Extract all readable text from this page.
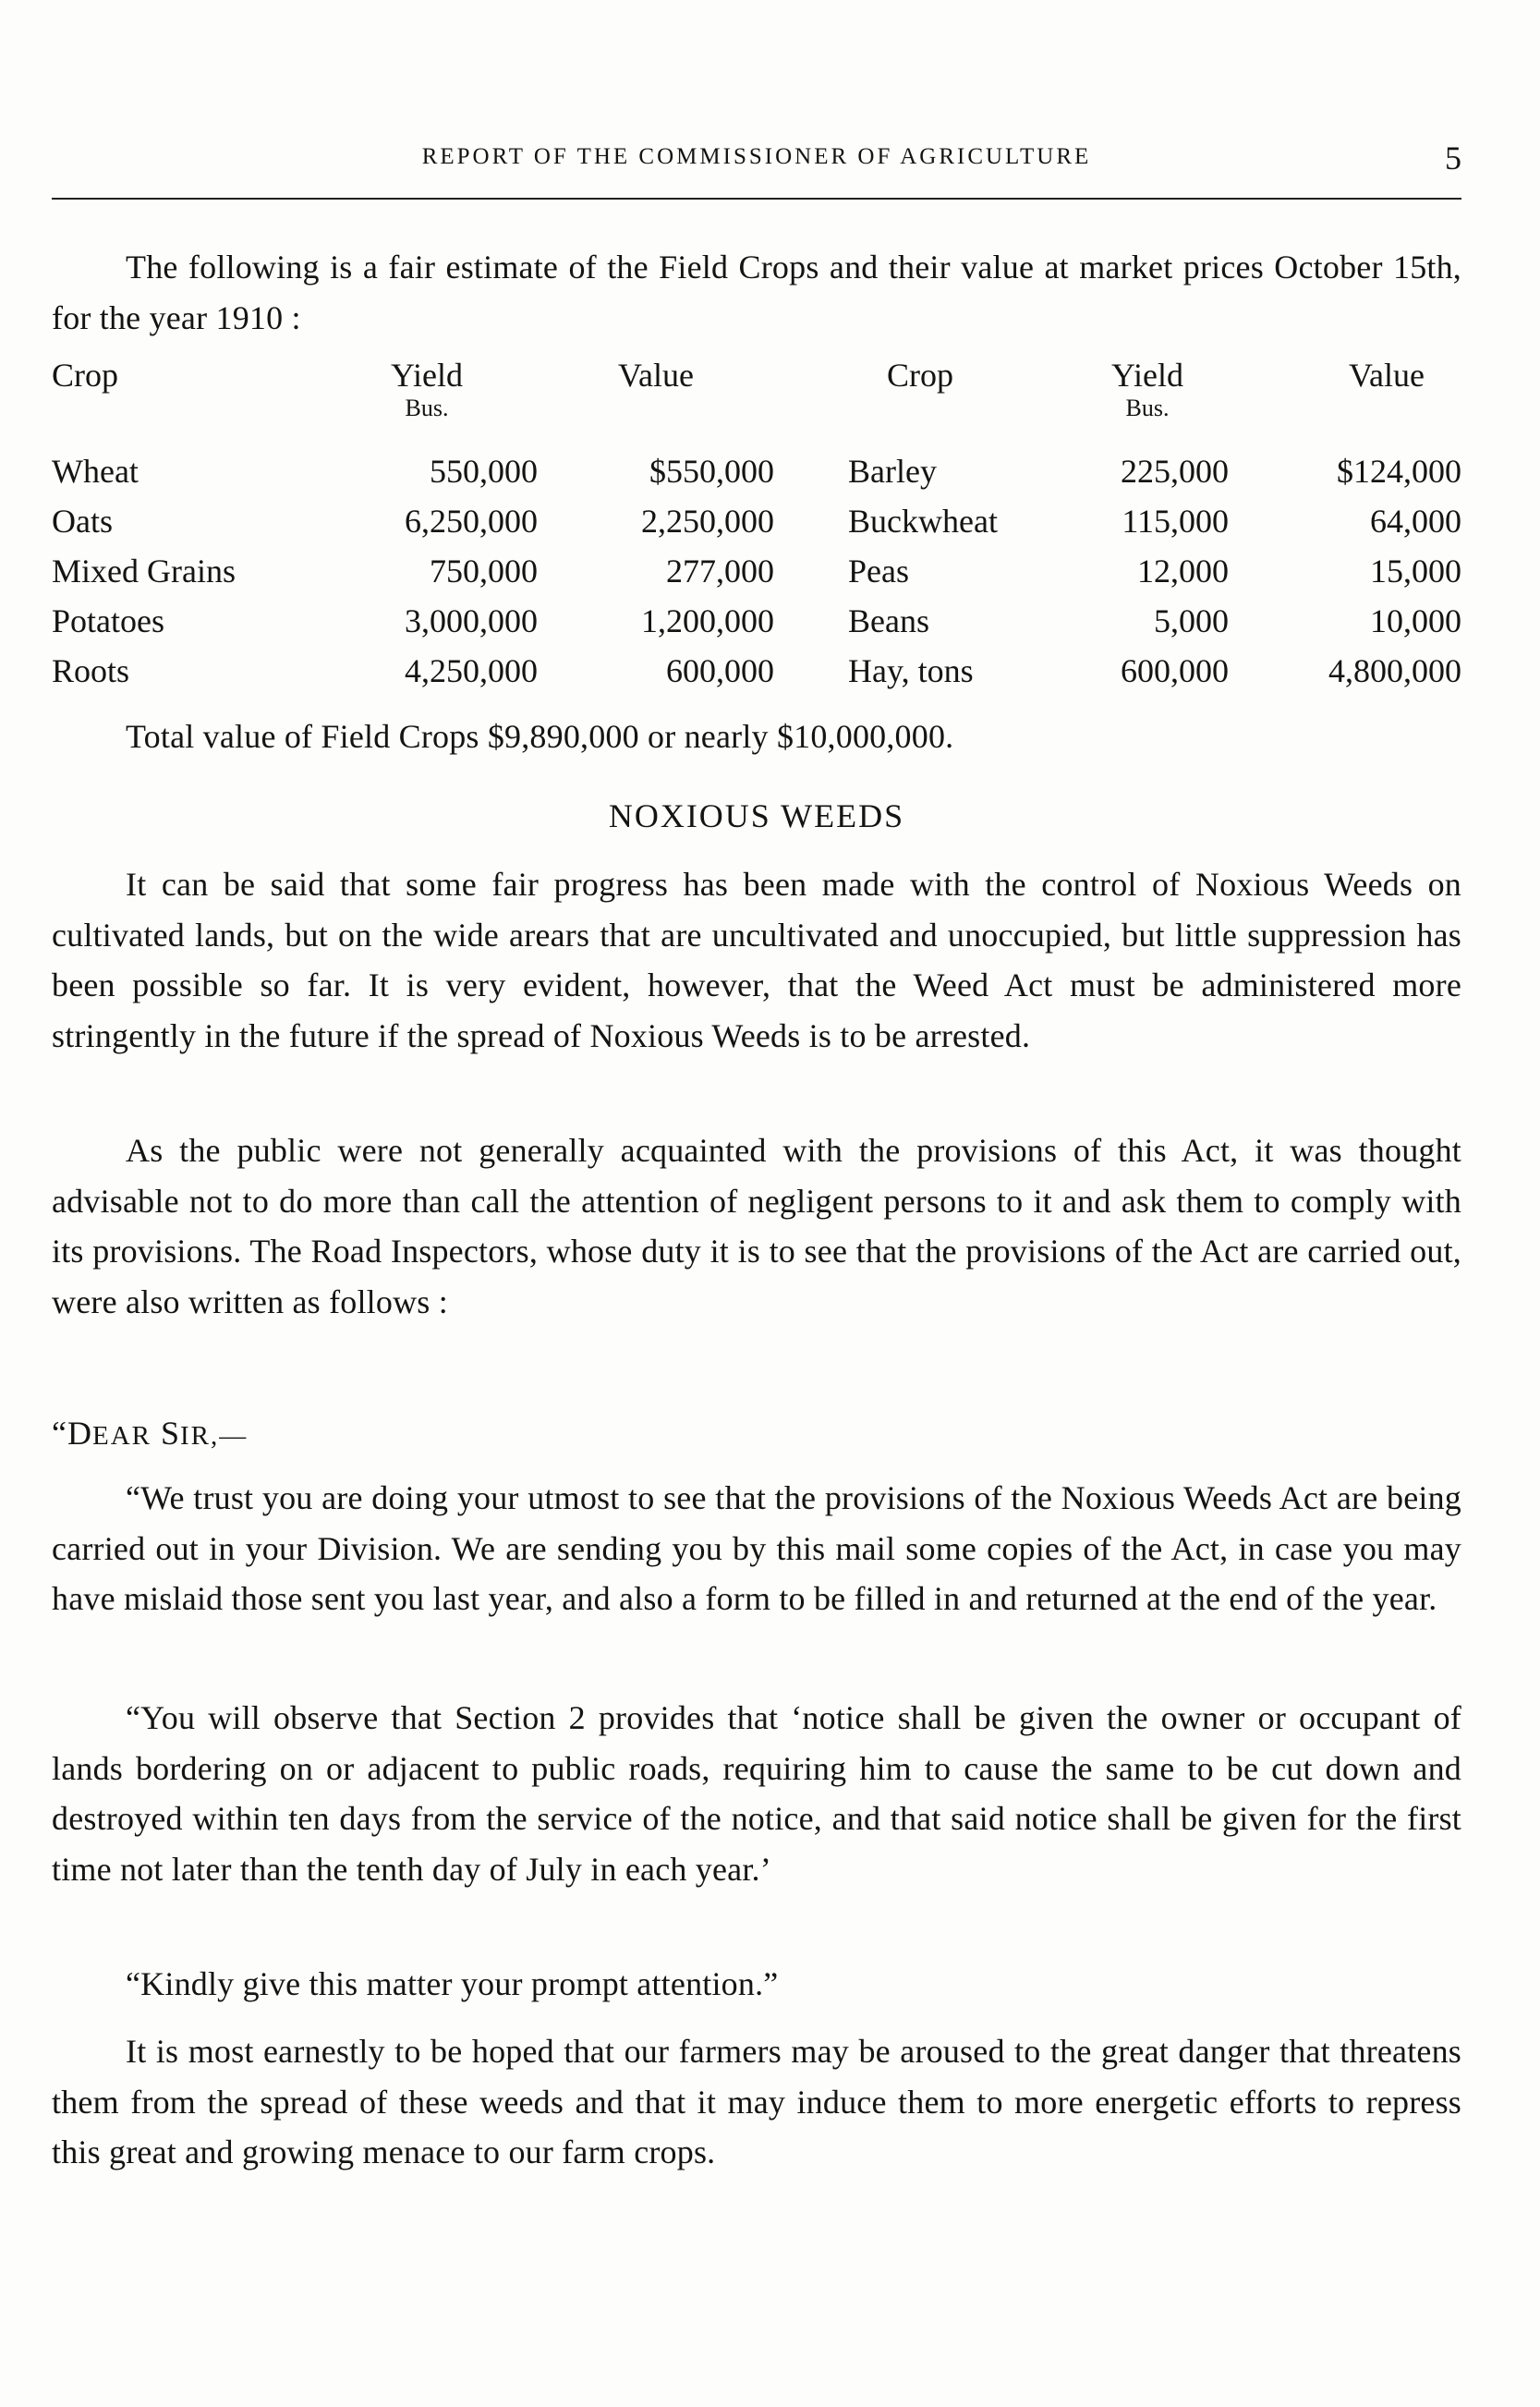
REPORT OF THE COMMISSIONER OF AGRICULTURE	5

The following is a fair estimate of the Field Crops and their value at market prices October 15th, for the year 1910 :

Crop	Yield	Value	Crop	Yield	Value
	Bus.			Bus.	
Wheat	550,000	$550,000	Barley	225,000	$124,000
Oats	6,250,000	2,250,000	Buckwheat	115,000	64,000
Mixed Grains	750,000	277,000	Peas	12,000	15,000
Potatoes	3,000,000	1,200,000	Beans	5,000	10,000
Roots	4,250,000	600,000	Hay, tons	600,000	4,800,000

Total value of Field Crops $9,890,000 or nearly $10,000,000.

NOXIOUS WEEDS

It can be said that some fair progress has been made with the control of Noxious Weeds on cultivated lands, but on the wide arears that are uncultivated and unoccupied, but little suppression has been possible so far. It is very evident, however, that the Weed Act must be administered more stringently in the future if the spread of Noxious Weeds is to be arrested.

As the public were not generally acquainted with the provisions of this Act, it was thought advisable not to do more than call the attention of negligent persons to it and ask them to comply with its provisions. The Road Inspectors, whose duty it is to see that the provisions of the Act are carried out, were also written as follows :

“DEAR SIR,—

“We trust you are doing your utmost to see that the provisions of the Noxious Weeds Act are being carried out in your Division. We are sending you by this mail some copies of the Act, in case you may have mislaid those sent you last year, and also a form to be filled in and returned at the end of the year.

“You will observe that Section 2 provides that ‘notice shall be given the owner or occupant of lands bordering on or adjacent to public roads, requiring him to cause the same to be cut down and destroyed within ten days from the service of the notice, and that said notice shall be given for the first time not later than the tenth day of July in each year.’

“Kindly give this matter your prompt attention.”

It is most earnestly to be hoped that our farmers may be aroused to the great danger that threatens them from the spread of these weeds and that it may induce them to more energetic efforts to repress this great and growing menace to our farm crops.
